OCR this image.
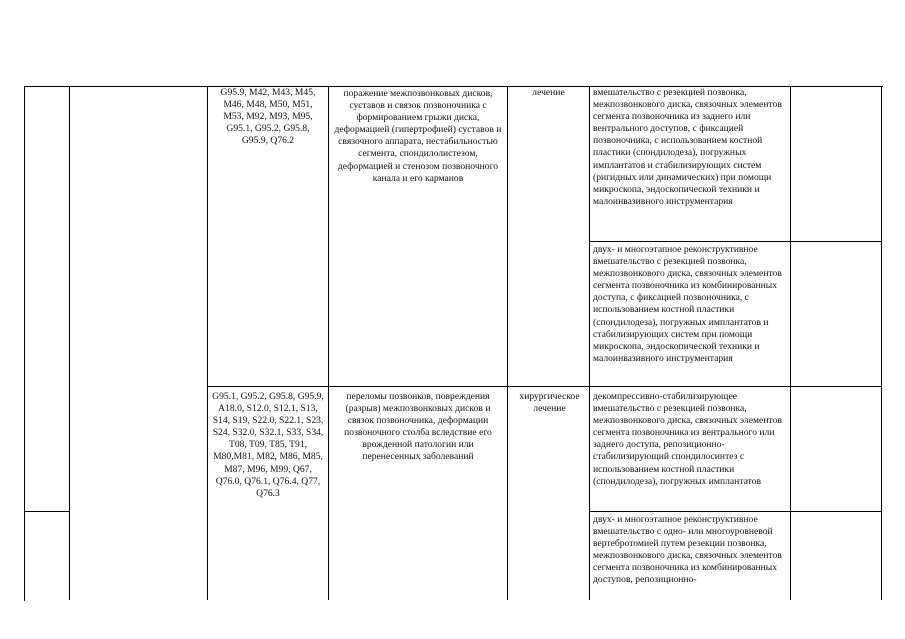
G95.9, M42, M43, M45, M46, M48, M50, M51, M53, M92, M93, M95, G95.1, G95.2, G95.8, G95.9, Q76.2
поражение межпозвонковых дисков, суставов и связок позвоночника с формированием грыжи диска, деформацией (гипертрофией) суставов и связочного аппарата, нестабильностью сегмента, спондилолистезом, деформацией и стенозом позвоночного канала и его карманов
лечение	вмешательство с резекцией позвонка, межпозвонкового диска, связочных элементов сегмента позвоночника из заднего или вентрального доступов, с фиксацией позвоночника, с использованием костной пластики (спондилодеза), погружных имплантатов и стабилизирующих систем (ригидных или динамических) при помощи микроскопа, эндоскопической техники и малоинвазивного инструментария
двух- и многоэтапное реконструктивное вмешательство с резекцией позвонка, межпозвонкового диска, связочных элементов сегмента позвоночника из комбинированных доступа, с фиксацией позвоночника, с использованием костной пластики (спондилодеза), погружных имплантатов и стабилизирующих систем при помощи микроскопа, эндоскопической техники и малоинвазивного инструментария
G95.1, G95.2, G95.8, G95.9, A18.0, S12.0, S12.1, S13, S14, S19, S22.0, S22.1, S23, S24, S32.0, S32.1, S33, S34, T08, T09, T85, T91, M80,M81, M82, M86, M85, M87, M96, M99, Q67, Q76.0, Q76.1, Q76.4, Q77, Q76.3
переломы позвонков, повреждения (разрыв) межпозвонковых дисков и связок позвоночника, деформации позвоночного столба вследствие его врожденной патологии или перенесенных заболеваний
хирургическое лечение
декомпрессивно-стабилизирующее вмешательство с резекцией позвонка, межпозвонкового диска, связочных элементов сегмента позвоночника из вентрального или заднего доступа, репозиционно-стабилизирующий спондилосинтез с использованием костной пластики (спондилодеза), погружных имплантатов
двух- и многоэтапное реконструктивное вмешательство с одно- или многоуровневой вертебротомией путем резекции позвонка, межпозвонкового диска, связочных элементов сегмента позвоночника из комбинированных доступов, репозиционно-
